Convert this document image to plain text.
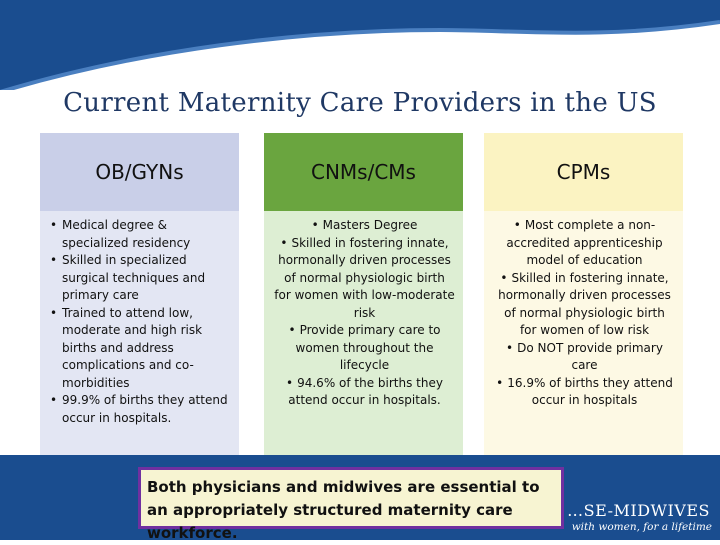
Current Maternity Care Providers in the US
OB/GYNs
• Medical degree & specialized residency
• Skilled in specialized surgical techniques and primary care
• Trained to attend low, moderate and high risk births and address complications and co-morbidities
• 99.9% of births they attend occur in hospitals.
CNMs/CMs
• Masters Degree
• Skilled in fostering innate, hormonally driven processes of normal physiologic birth for women with low-moderate risk
• Provide primary care to women throughout the lifecycle
• 94.6% of the births they attend occur in hospitals.
CPMs
• Most complete a non-accredited apprenticeship model of education
• Skilled in fostering innate, hormonally driven processes of normal physiologic birth for women of low risk
• Do NOT provide primary care
• 16.9% of births they attend occur in hospitals
…SE-MIDWIVES
with women, for a lifetime
Both physicians and midwives are essential to an appropriately structured maternity care workforce.
